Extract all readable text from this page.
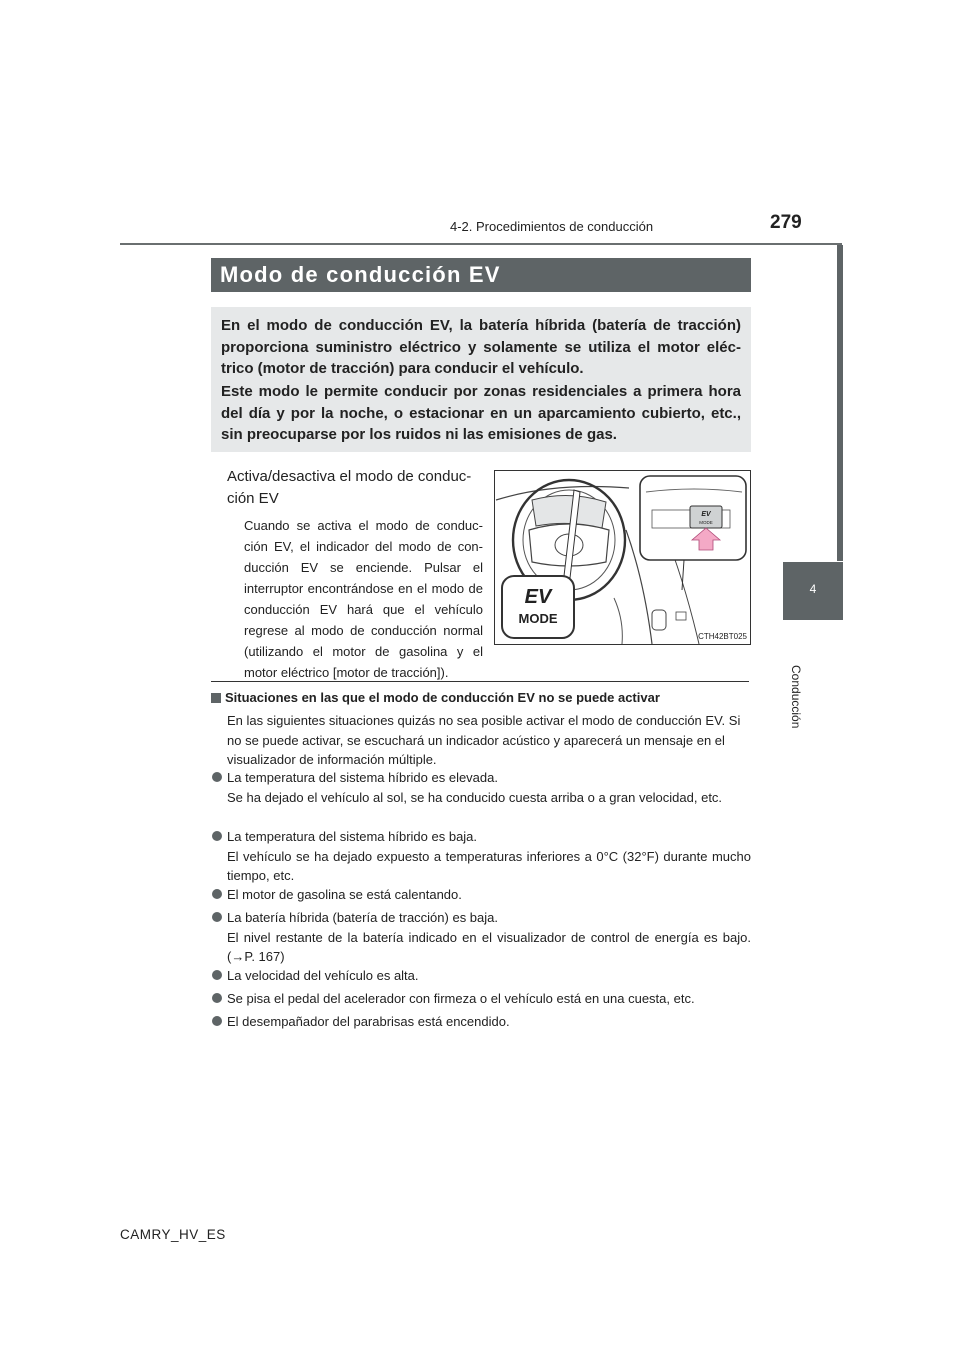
4-2. Procedimientos de conducción	279
4
Conducción
Modo de conducción EV

En el modo de conducción EV, la batería híbrida (batería de tracción) proporciona suministro eléctrico y solamente se utiliza el motor eléc-trico (motor de tracción) para conducir el vehículo.

Este modo le permite conducir por zonas residenciales a primera hora del día y por la noche, o estacionar en un aparcamiento cubierto, etc., sin preocuparse por los ruidos ni las emisiones de gas.

Activa/desactiva el modo de conduc-ción EV

Cuando se activa el modo de conduc-ción EV, el indicador del modo de con-ducción EV se enciende. Pulsar el interruptor encontrándose en el modo de conducción EV hará que el vehículo regrese al modo de conducción normal (utilizando el motor de gasolina y el motor eléctrico [motor de tracción]).

EV
MODE
EV
MODE
CTH42BT025
Situaciones en las que el modo de conducción EV no se puede activar

En las siguientes situaciones quizás no sea posible activar el modo de conducción EV. Si no se puede activar, se escuchará un indicador acústico y aparecerá un mensaje en el visualizador de información múltiple.

La temperatura del sistema híbrido es elevada.
Se ha dejado el vehículo al sol, se ha conducido cuesta arriba o a gran velocidad, etc.
La temperatura del sistema híbrido es baja.
El vehículo se ha dejado expuesto a temperaturas inferiores a 0°C (32°F) durante mucho tiempo, etc.
El motor de gasolina se está calentando.
La batería híbrida (batería de tracción) es baja.
El nivel restante de la batería indicado en el visualizador de control de energía es bajo. (→P. 167)
La velocidad del vehículo es alta.
Se pisa el pedal del acelerador con firmeza o el vehículo está en una cuesta, etc.
El desempañador del parabrisas está encendido.
CAMRY_HV_ES
